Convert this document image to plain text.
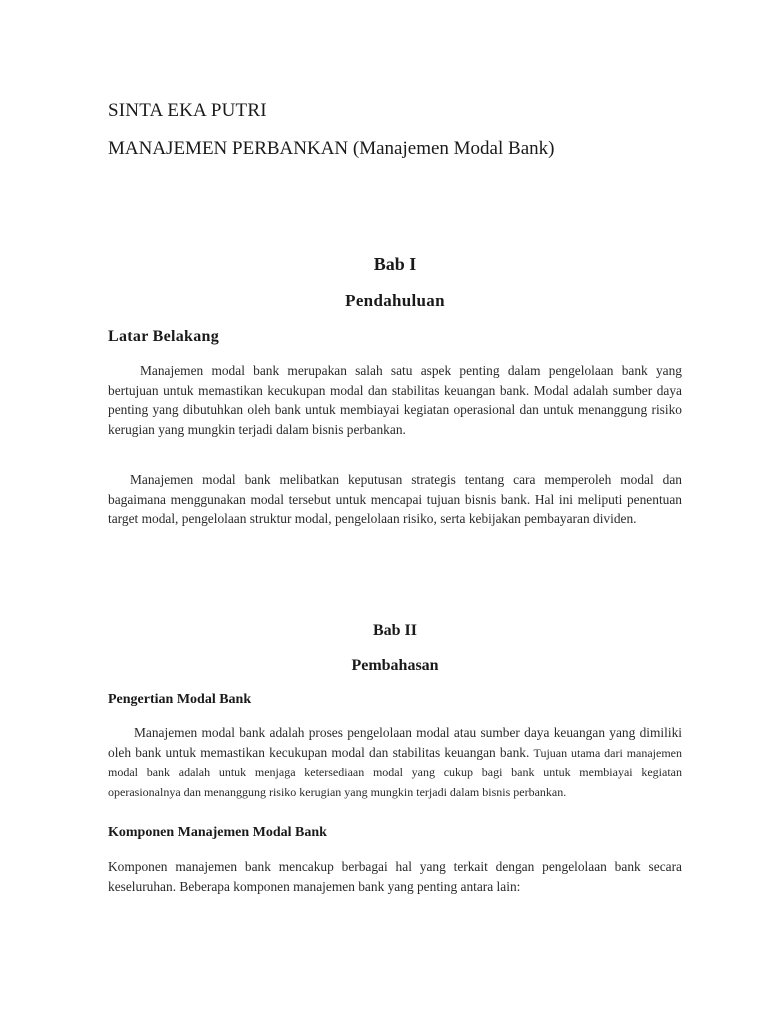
SINTA EKA PUTRI
MANAJEMEN PERBANKAN (Manajemen Modal Bank)
Bab I
Pendahuluan
Latar Belakang

Manajemen modal bank merupakan salah satu aspek penting dalam pengelolaan bank yang bertujuan untuk memastikan kecukupan modal dan stabilitas keuangan bank. Modal adalah sumber daya penting yang dibutuhkan oleh bank untuk membiayai kegiatan operasional dan untuk menanggung risiko kerugian yang mungkin terjadi dalam bisnis perbankan.

Manajemen modal bank melibatkan keputusan strategis tentang cara memperoleh modal dan bagaimana menggunakan modal tersebut untuk mencapai tujuan bisnis bank. Hal ini meliputi penentuan target modal, pengelolaan struktur modal, pengelolaan risiko, serta kebijakan pembayaran dividen.

Bab II
Pembahasan
Pengertian Modal Bank

Manajemen modal bank adalah proses pengelolaan modal atau sumber daya keuangan yang dimiliki oleh bank untuk memastikan kecukupan modal dan stabilitas keuangan bank. Tujuan utama dari manajemen modal bank adalah untuk menjaga ketersediaan modal yang cukup bagi bank untuk membiayai kegiatan operasionalnya dan menanggung risiko kerugian yang mungkin terjadi dalam bisnis perbankan.

Komponen Manajemen Modal Bank

Komponen manajemen bank mencakup berbagai hal yang terkait dengan pengelolaan bank secara keseluruhan. Beberapa komponen manajemen bank yang penting antara lain:
